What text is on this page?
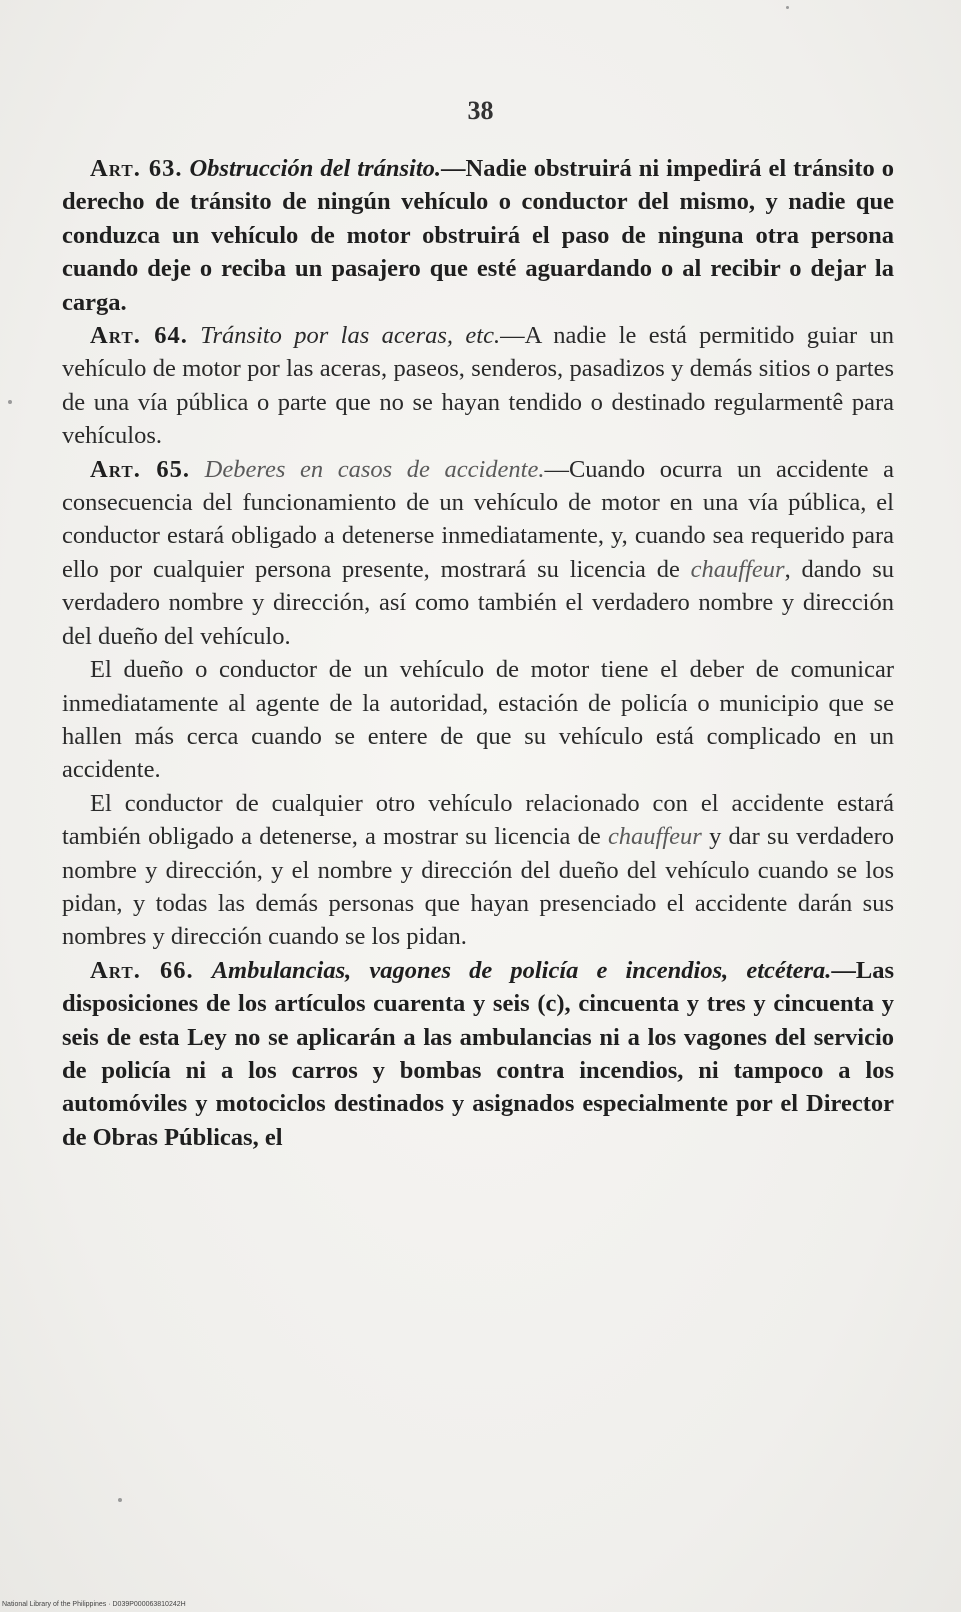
38

Art. 63. Obstrucción del tránsito.—Nadie obstruirá ni impedirá el tránsito o derecho de tránsito de ningún vehículo o conductor del mismo, y nadie que conduzca un vehículo de motor obstruirá el paso de ninguna otra persona cuando deje o reciba un pasajero que esté aguardando o al recibir o dejar la carga.

Art. 64. Tránsito por las aceras, etc.—A nadie le está permitido guiar un vehículo de motor por las aceras, paseos, senderos, pasadizos y demás sitios o partes de una vía pública o parte que no se hayan tendido o destinado regularmentê para vehículos.

Art. 65. Deberes en casos de accidente.—Cuando ocurra un accidente a consecuencia del funcionamiento de un vehículo de motor en una vía pública, el conductor estará obligado a detenerse inmediatamente, y, cuando sea requerido para ello por cualquier persona presente, mostrará su licencia de chauffeur, dando su verdadero nombre y dirección, así como también el verdadero nombre y dirección del dueño del vehículo.

El dueño o conductor de un vehículo de motor tiene el deber de comunicar inmediatamente al agente de la autoridad, estación de policía o municipio que se hallen más cerca cuando se entere de que su vehículo está complicado en un accidente.

El conductor de cualquier otro vehículo relacionado con el accidente estará también obligado a detenerse, a mostrar su licencia de chauffeur y dar su verdadero nombre y dirección, y el nombre y dirección del dueño del vehículo cuando se los pidan, y todas las demás personas que hayan presenciado el accidente darán sus nombres y dirección cuando se los pidan.

Art. 66. Ambulancias, vagones de policía e incendios, etcétera.—Las disposiciones de los artículos cuarenta y seis (c), cincuenta y tres y cincuenta y seis de esta Ley no se aplicarán a las ambulancias ni a los vagones del servicio de policía ni a los carros y bombas contra incendios, ni tampoco a los automóviles y motociclos destinados y asignados especialmente por el Director de Obras Públicas, el

National Library of the Philippines · D039P000063810242H
